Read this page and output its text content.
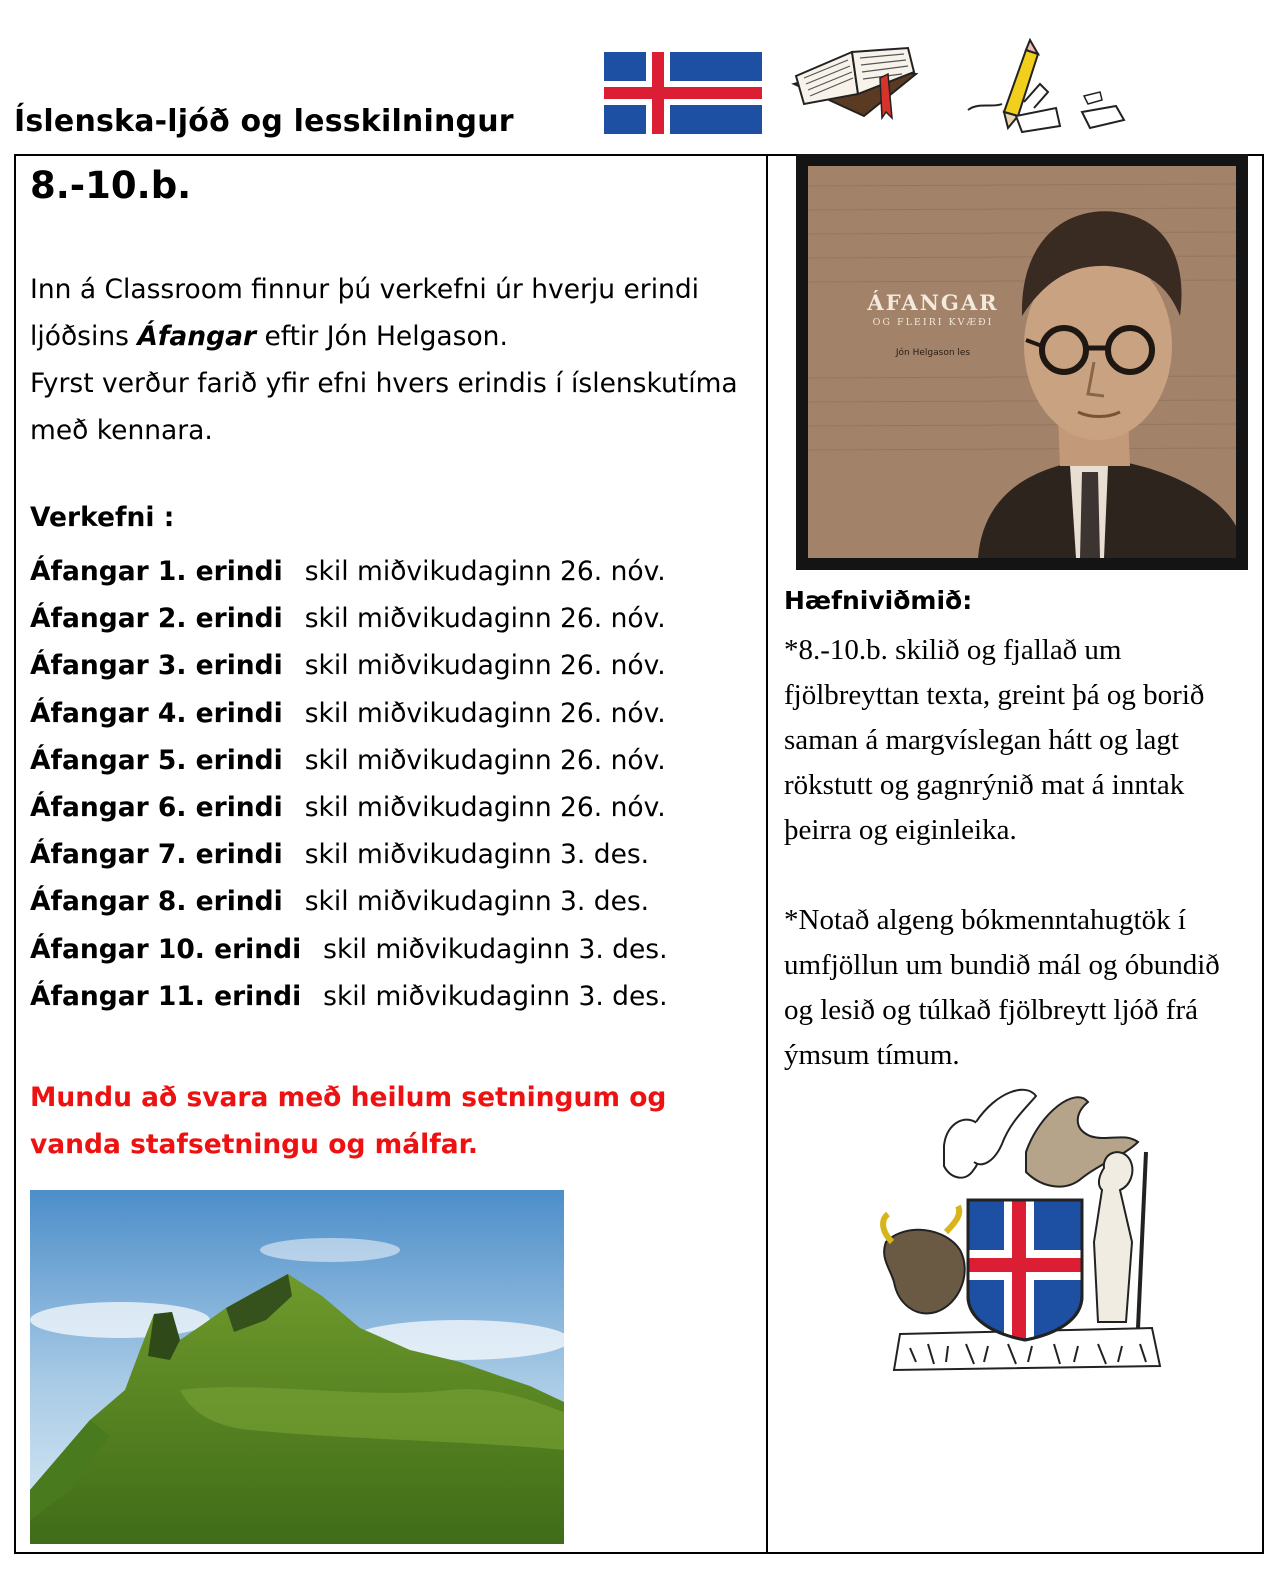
Íslenska-ljóð og lesskilningur
8.-10.b.

Inn á Classroom finnur þú verkefni úr hverju erindi

ljóðsins Áfangar eftir Jón Helgason.

Fyrst verður farið yfir efni hvers erindis í íslenskutíma

með kennara.

Verkefni :
Áfangar 1. erindi skil miðvikudaginn 26. nóv.
Áfangar 2. erindi skil miðvikudaginn 26. nóv.
Áfangar 3. erindi skil miðvikudaginn 26. nóv.
Áfangar 4. erindi skil miðvikudaginn 26. nóv.
Áfangar 5. erindi skil miðvikudaginn 26. nóv.
Áfangar 6. erindi skil miðvikudaginn 26. nóv.
Áfangar 7. erindi skil miðvikudaginn 3. des.
Áfangar 8. erindi skil miðvikudaginn 3. des.
Áfangar 10. erindi skil miðvikudaginn 3. des.
Áfangar 11. erindi skil miðvikudaginn 3. des.
Mundu að svara með heilum setningum og vanda stafsetningu og málfar.
ÁFANGAR
OG FLEIRI KVÆÐI
Jón Helgason les
Hæfniviðmið:

*8.-10.b. skilið og fjallað um fjölbreyttan texta, greint þá og borið saman á margvíslegan hátt og lagt rökstutt og gagnrýnið mat á inntak þeirra og eiginleika.

*Notað algeng bókmenntahugtök í umfjöllun um bundið mál og óbundið og lesið og túlkað fjölbreytt ljóð frá ýmsum tímum.
